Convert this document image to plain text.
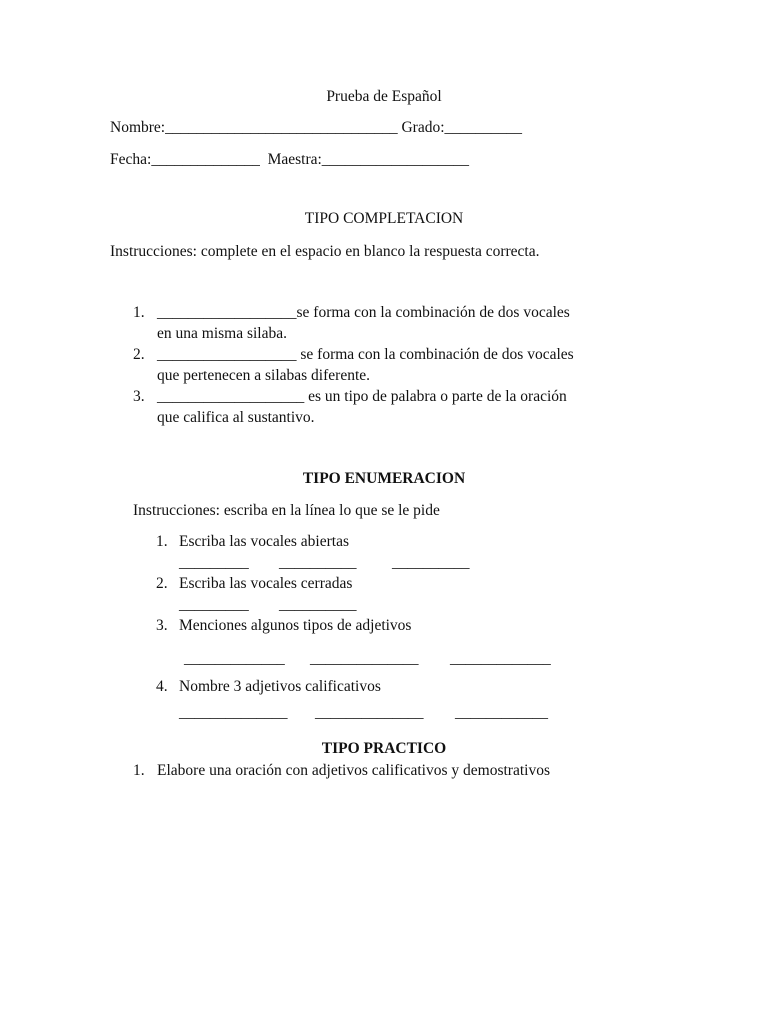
Prueba de Español
Nombre:______________________________ Grado:__________
Fecha:______________  Maestra:___________________
TIPO COMPLETACION
Instrucciones: complete en el espacio en blanco la respuesta correcta.
1. __________________se forma con la combinación de dos vocales
en una misma silaba.
2. __________________ se forma con la combinación de dos vocales
que pertenecen a silabas diferente.
3. ___________________ es un tipo de palabra o parte de la oración
que califica al sustantivo.
TIPO ENUMERACION
Instrucciones: escriba en la línea lo que se le pide
1. Escriba las vocales abiertas
_________ __________ __________
2. Escriba las vocales cerradas
_________ __________
3. Menciones algunos tipos de adjetivos
_____________ ______________ _____________
4. Nombre 3 adjetivos calificativos
______________ ______________ ____________
TIPO PRACTICO
1. Elabore una oración con adjetivos calificativos y demostrativos
